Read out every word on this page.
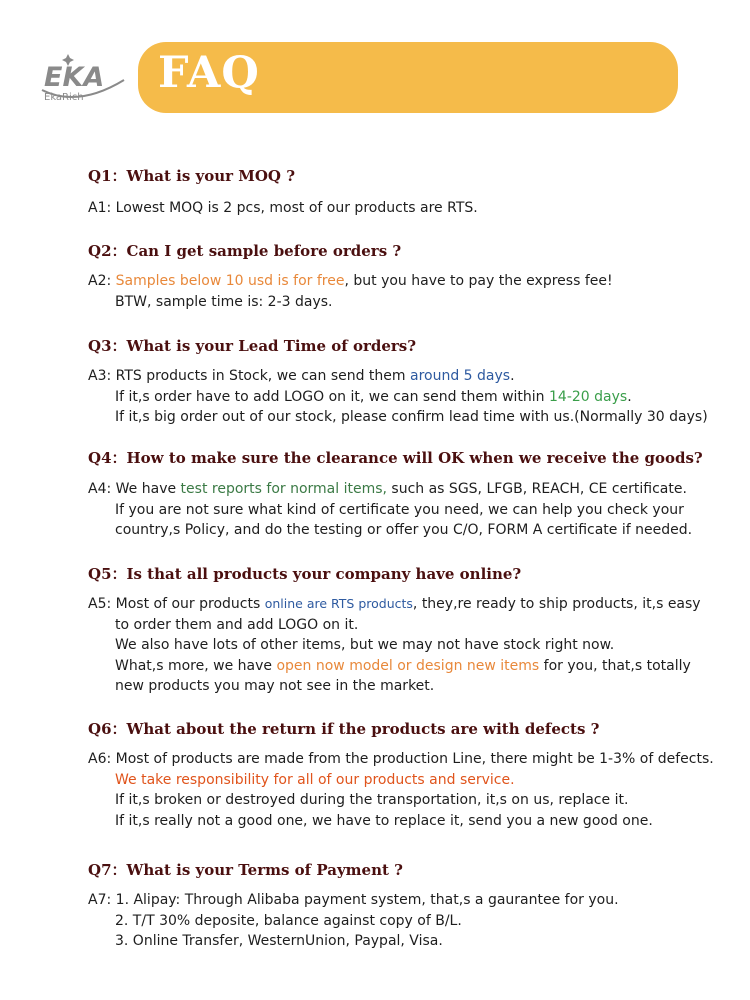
EKA
EkaRich FAQ
Q1：What is your MOQ ?
A1: Lowest MOQ is 2 pcs, most of our products are RTS.
Q2：Can I get sample before orders ?
A2: Samples below 10 usd is for free, but you have to pay the express fee!
BTW, sample time is: 2-3 days.
Q3：What is your Lead Time of orders?
A3: RTS products in Stock, we can send them around 5 days.
If it,s order have to add LOGO on it, we can send them within 14-20 days.
If it,s big order out of our stock, please confirm lead time with us.(Normally 30 days)
Q4：How to make sure the clearance will OK when we receive the goods?
A4: We have test reports for normal items, such as SGS, LFGB, REACH, CE certificate.
If you are not sure what kind of certificate you need, we can help you check your
country,s Policy, and do the testing or offer you C/O, FORM A certificate if needed.
Q5：Is that all products your company have online?
A5: Most of our products online are RTS products, they,re ready to ship products, it,s easy
to order them and add LOGO on it.
We also have lots of other items, but we may not have stock right now.
What,s more, we have open now model or design new items for you, that,s totally
new products you may not see in the market.
Q6：What about the return if the products are with defects ?
A6: Most of products are made from the production Line, there might be 1-3% of defects.
We take responsibility for all of our products and service.
If it,s broken or destroyed during the transportation, it,s on us, replace it.
If it,s really not a good one, we have to replace it, send you a new good one.
Q7：What is your Terms of Payment ?
A7: 1. Alipay: Through Alibaba payment system, that,s a gaurantee for you.
2. T/T 30% deposite, balance against copy of B/L.
3. Online Transfer, WesternUnion, Paypal, Visa.
